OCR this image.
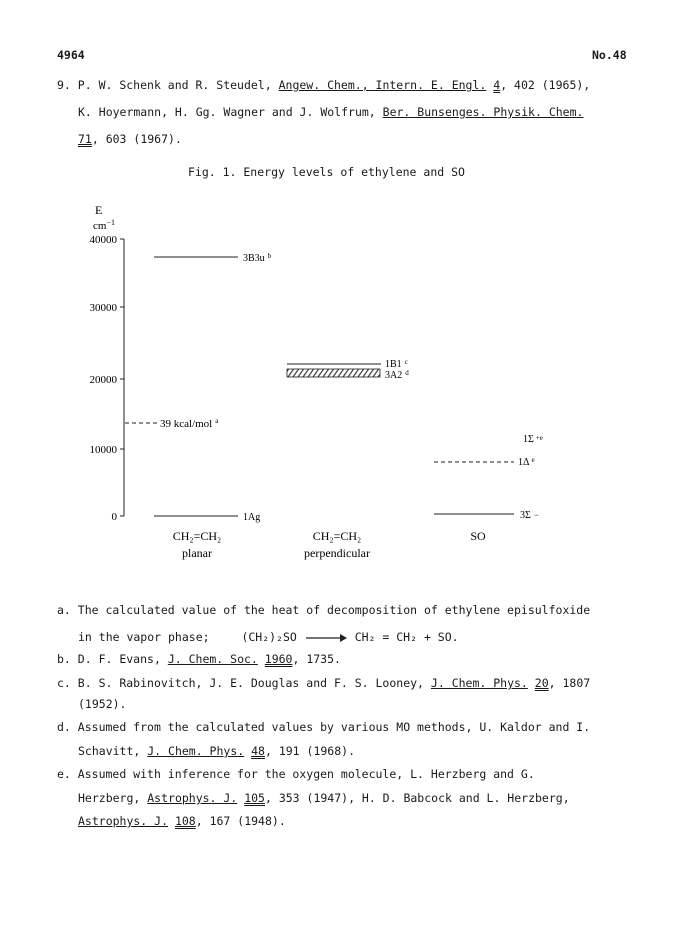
4964	No.48
9. P. W. Schenk and R. Steudel, Angew. Chem., Intern. E. Engl. 4, 402 (1965),
K. Hoyermann, H. Gg. Wagner and J. Wolfrum, Ber. Bunsenges. Physik. Chem.
71, 603 (1967).
Fig. 1. Energy levels of ethylene and SO
E
$cm^{-1}$
40000
30000
20000
10000
0
39 kcal/mol $^a$
3B3u $^b$
1Ag
1B1 $^c$
3A2 $^d$
1Σ $^{+e}$
1Δ $^e$
3Σ −
CH₂=CH₂
planar
CH₂=CH₂
perpendicular
SO
a. The calculated value of the heat of decomposition of ethylene episulfoxide
in the vapor phase;	(CH₂)₂SO → CH₂ = CH₂ + SO.
b. D. F. Evans, J. Chem. Soc. 1960, 1735.
c. B. S. Rabinovitch, J. E. Douglas and F. S. Looney, J. Chem. Phys. 20, 1807
(1952).
d. Assumed from the calculated values by various MO methods, U. Kaldor and I.
Schavitt, J. Chem. Phys. 48, 191 (1968).
e. Assumed with inference for the oxygen molecule, L. Herzberg and G.
Herzberg, Astrophys. J. 105, 353 (1947), H. D. Babcock and L. Herzberg,
Astrophys. J. 108, 167 (1948).
